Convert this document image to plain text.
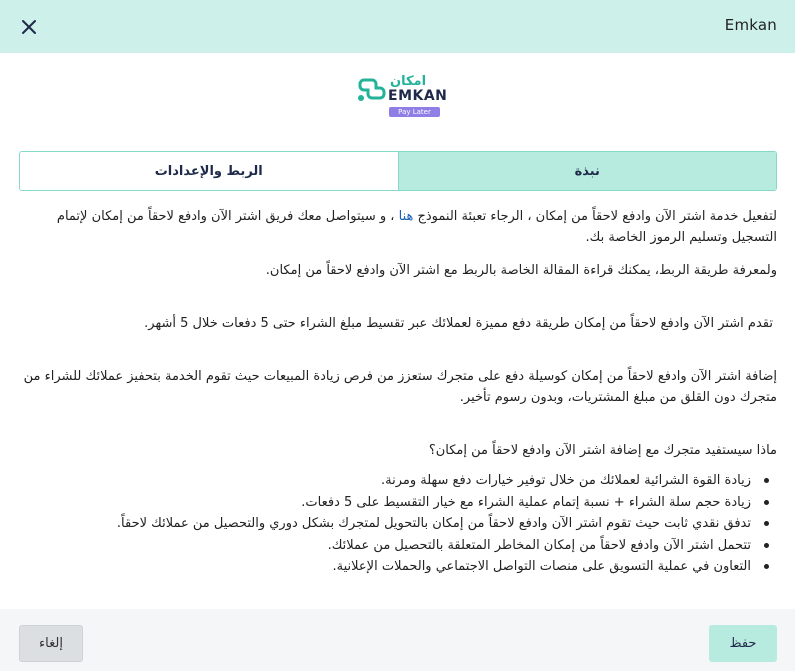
Emkan
امكان
EMKAN
Pay Later
الربط والإعدادات	نبذة

لتفعيل خدمة اشتر الآن وادفع لاحقاً من إمكان ، الرجاء تعبئة النموذج هنا ، و سيتواصل معك فريق اشتر الآن وادفع لاحقاً من إمكان لإتمام التسجيل وتسليم الرموز الخاصة بك.

ولمعرفة طريقة الربط، يمكنك قراءة المقالة الخاصة بالربط مع اشتر الآن وادفع لاحقاً من إمكان.

تقدم اشتر الآن وادفع لاحقاً من إمكان طريقة دفع مميزة لعملائك عبر تقسيط مبلغ الشراء حتى 5 دفعات خلال 5 أشهر.

إضافة اشتر الآن وادفع لاحقاً من إمكان كوسيلة دفع على متجرك ستعزز من فرص زيادة المبيعات حيث تقوم الخدمة بتحفيز عملائك للشراء من متجرك دون القلق من مبلغ المشتريات، وبدون رسوم تأخير.

ماذا سيستفيد متجرك مع إضافة اشتر الآن وادفع لاحقاً من إمكان؟

زيادة القوة الشرائية لعملائك من خلال توفير خيارات دفع سهلة ومرنة.
زيادة حجم سلة الشراء + نسبة إتمام عملية الشراء مع خيار التقسيط على 5 دفعات.
تدفق نقدي ثابت حيث تقوم اشتر الآن وادفع لاحقاً من إمكان بالتحويل لمتجرك بشكل دوري والتحصيل من عملائك لاحقاً.
تتحمل اشتر الآن وادفع لاحقاً من إمكان المخاطر المتعلقة بالتحصيل من عملائك.
التعاون في عملية التسويق على منصات التواصل الاجتماعي والحملات الإعلانية.
إلغاء	حفظ
